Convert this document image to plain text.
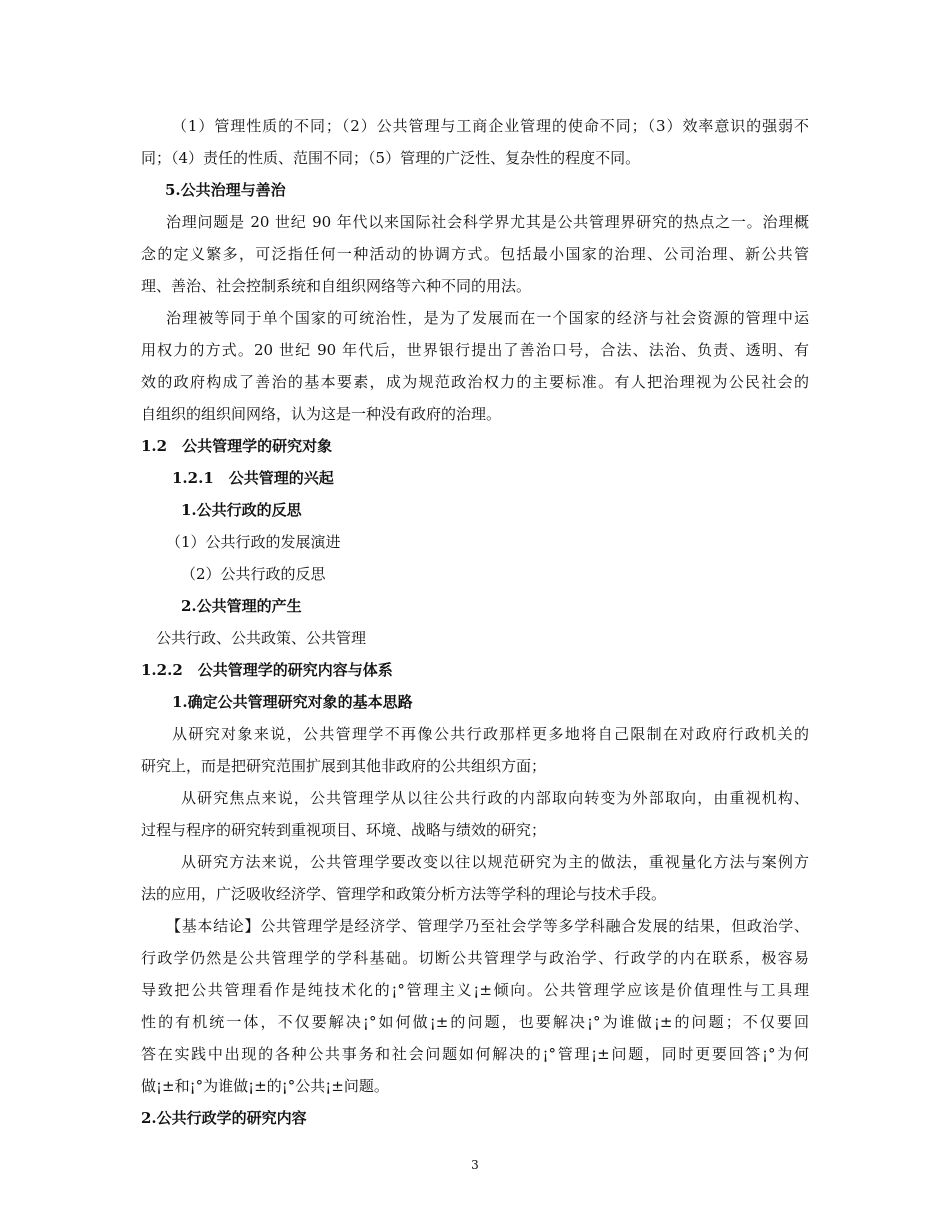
（1）管理性质的不同；（2）公共管理与工商企业管理的使命不同；（3）效率意识的强弱不
同；（4）责任的性质、范围不同；（5）管理的广泛性、复杂性的程度不同。
5.公共治理与善治
治理问题是 20 世纪 90 年代以来国际社会科学界尤其是公共管理界研究的热点之一。治理概
念的定义繁多，可泛指任何一种活动的协调方式。包括最小国家的治理、公司治理、新公共管
理、善治、社会控制系统和自组织网络等六种不同的用法。
治理被等同于单个国家的可统治性，是为了发展而在一个国家的经济与社会资源的管理中运
用权力的方式。20 世纪 90 年代后，世界银行提出了善治口号，合法、法治、负责、透明、有
效的政府构成了善治的基本要素，成为规范政治权力的主要标准。有人把治理视为公民社会的
自组织的组织间网络，认为这是一种没有政府的治理。
1.2　公共管理学的研究对象
1.2.1　公共管理的兴起
1.公共行政的反思
（1）公共行政的发展演进
（2）公共行政的反思
2.公共管理的产生
公共行政、公共政策、公共管理
1.2.2　公共管理学的研究内容与体系
1.确定公共管理研究对象的基本思路
从研究对象来说，公共管理学不再像公共行政那样更多地将自己限制在对政府行政机关的
研究上，而是把研究范围扩展到其他非政府的公共组织方面；
从研究焦点来说，公共管理学从以往公共行政的内部取向转变为外部取向，由重视机构、
过程与程序的研究转到重视项目、环境、战略与绩效的研究；
从研究方法来说，公共管理学要改变以往以规范研究为主的做法，重视量化方法与案例方
法的应用，广泛吸收经济学、管理学和政策分析方法等学科的理论与技术手段。
【基本结论】公共管理学是经济学、管理学乃至社会学等多学科融合发展的结果，但政治学、
行政学仍然是公共管理学的学科基础。切断公共管理学与政治学、行政学的内在联系，极容易
导致把公共管理看作是纯技术化的¡°管理主义¡±倾向。公共管理学应该是价值理性与工具理
性的有机统一体，不仅要解决¡°如何做¡±的问题，也要解决¡°为谁做¡±的问题；不仅要回
答在实践中出现的各种公共事务和社会问题如何解决的¡°管理¡±问题，同时更要回答¡°为何
做¡±和¡°为谁做¡±的¡°公共¡±问题。
2.公共行政学的研究内容
3
